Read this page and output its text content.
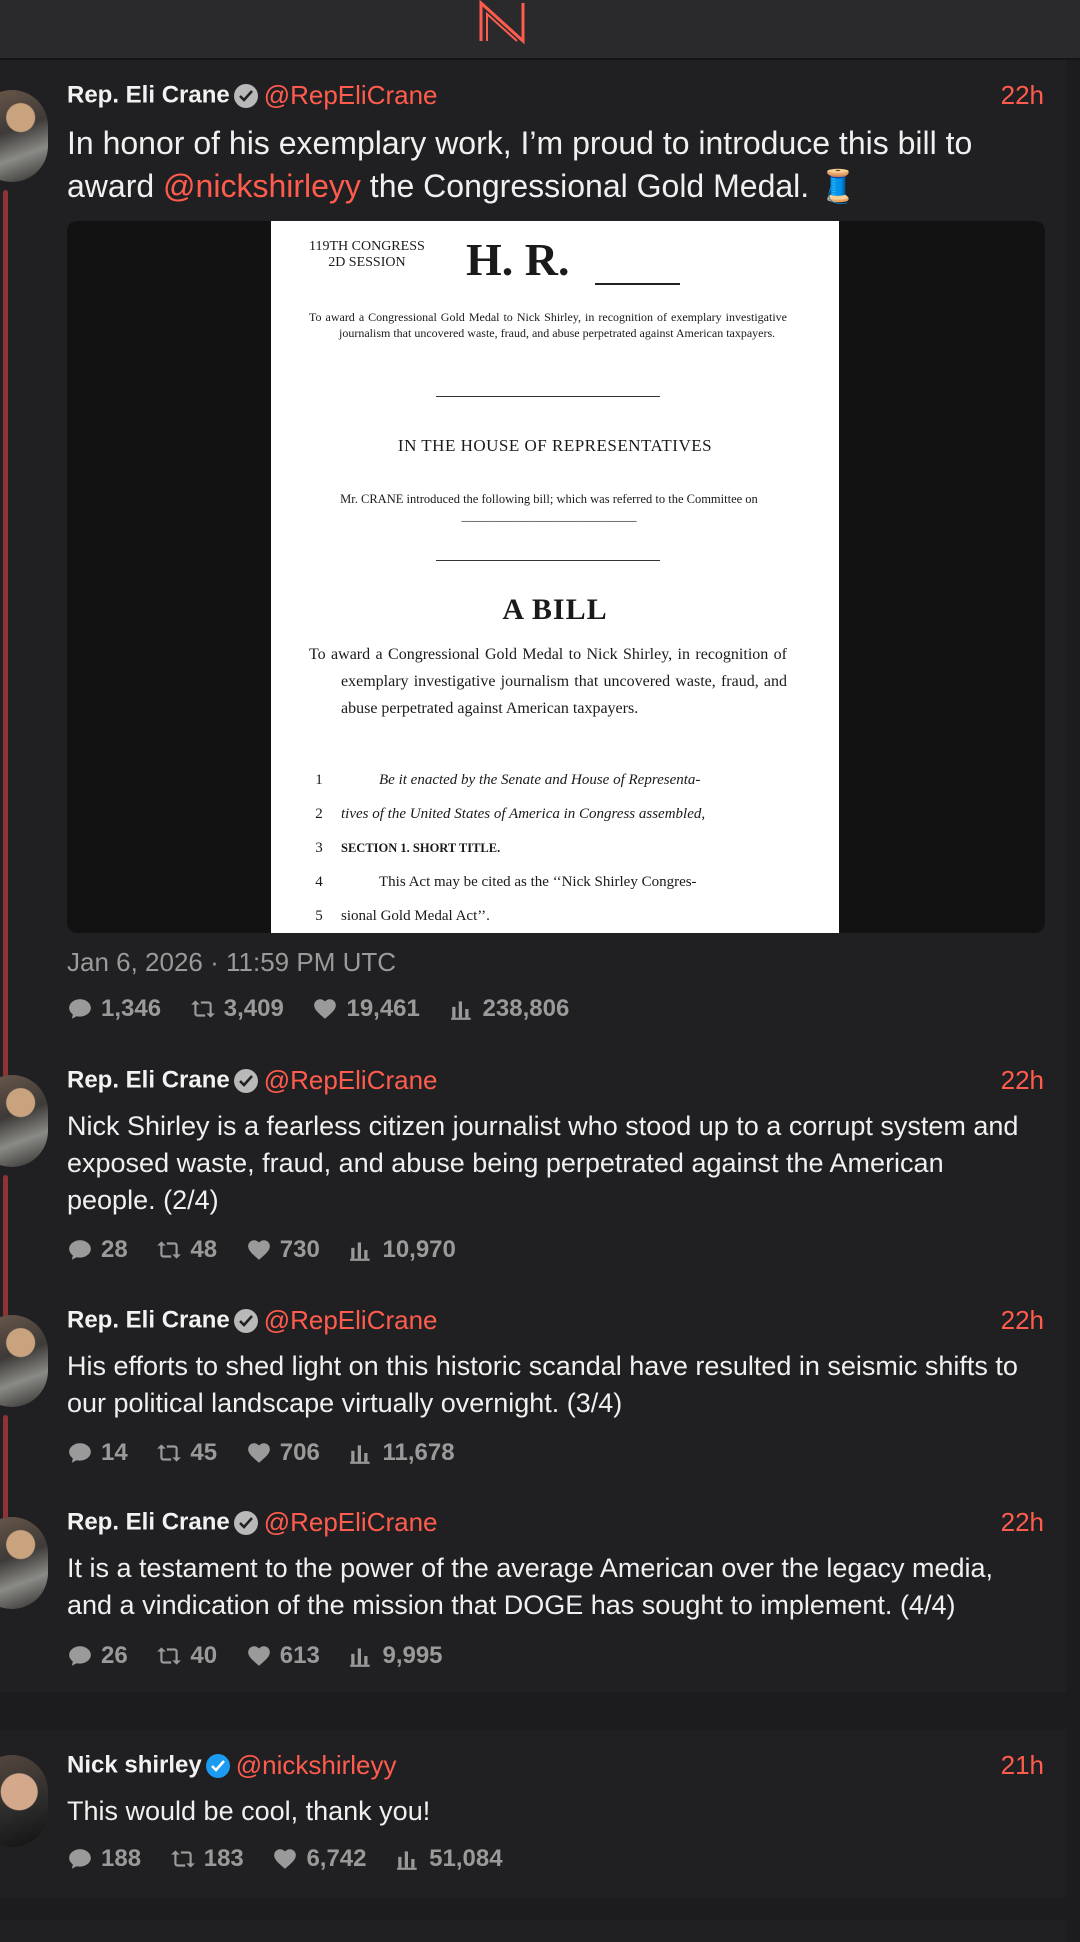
Rep. Eli Crane @RepEliCrane	22h
In honor of his exemplary work, I’m proud to introduce this bill to award @nickshirleyy the Congressional Gold Medal. 🧵
119TH CONGRESS
2D SESSION	H. R.
To award a Congressional Gold Medal to Nick Shirley, in recognition of exemplary investigative journalism that uncovered waste, fraud, and abuse perpetrated against American taxpayers.
IN THE HOUSE OF REPRESENTATIVES
Mr. CRANE introduced the following bill; which was referred to the Committee on ____________________________
A BILL
To award a Congressional Gold Medal to Nick Shirley, in recognition of exemplary investigative journalism that uncovered waste, fraud, and abuse perpetrated against American taxpayers.
1	Be it enacted by the Senate and House of Representa-
2	tives of the United States of America in Congress assembled,
3	SECTION 1. SHORT TITLE.
4	This Act may be cited as the ‘‘Nick Shirley Congres-
5	sional Gold Medal Act’’.
Jan 6, 2026 · 11:59 PM UTC
1,346	3,409	19,461	238,806
Rep. Eli Crane @RepEliCrane	22h
Nick Shirley is a fearless citizen journalist who stood up to a corrupt system and exposed waste, fraud, and abuse being perpetrated against the American people. (2/4)
28	48	730	10,970
Rep. Eli Crane @RepEliCrane	22h
His efforts to shed light on this historic scandal have resulted in seismic shifts to our political landscape virtually overnight. (3/4)
14	45	706	11,678
Rep. Eli Crane @RepEliCrane	22h
It is a testament to the power of the average American over the legacy media, and a vindication of the mission that DOGE has sought to implement. (4/4)
26	40	613	9,995
Nick shirley @nickshirleyy	21h
This would be cool, thank you!
188	183	6,742	51,084
